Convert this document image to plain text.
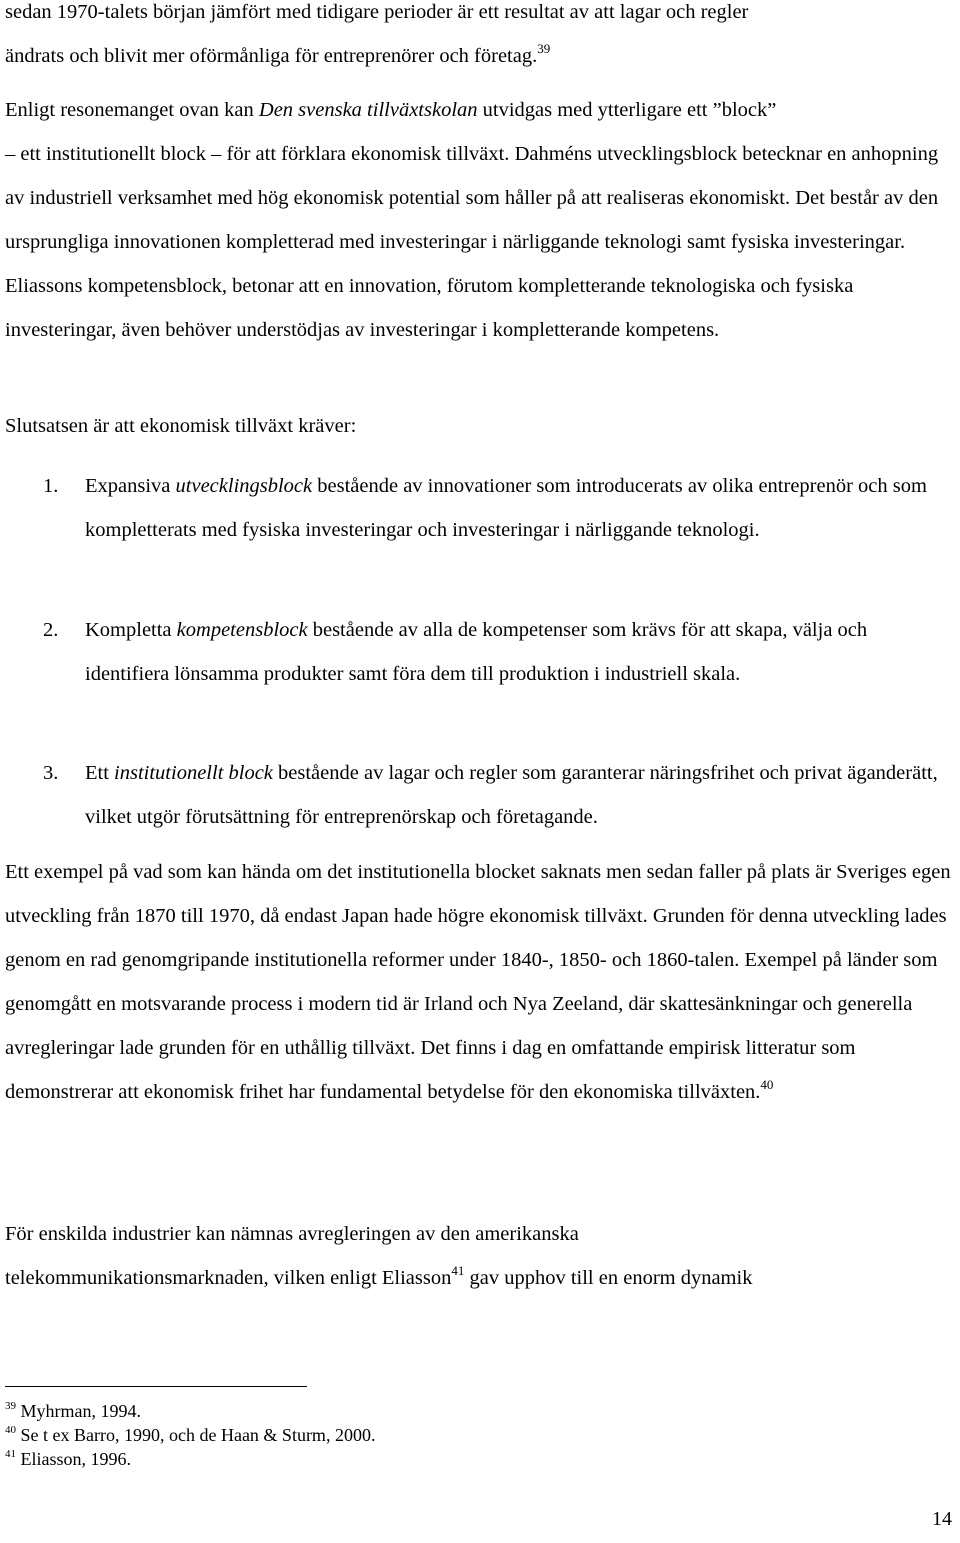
sedan 1970-talets början jämfört med tidigare perioder är ett resultat av att lagar och regler
ändrats och blivit mer oförmånliga för entreprenörer och företag.$^{39}$
Enligt resonemanget ovan kan Den svenska tillväxtskolan utvidgas med ytterligare ett ”block”
– ett institutionellt block – för att förklara ekonomisk tillväxt. Dahméns utvecklingsblock betecknar en anhopning av industriell verksamhet med hög ekonomisk potential som håller på att realiseras ekonomiskt. Det består av den ursprungliga innovationen kompletterad med investeringar i närliggande teknologi samt fysiska investeringar. Eliassons kompetensblock, betonar att en innovation, förutom kompletterande teknologiska och fysiska investeringar, även behöver understödjas av investeringar i kompletterande kompetens.
Slutsatsen är att ekonomisk tillväxt kräver:
1. Expansiva utvecklingsblock bestående av innovationer som introducerats av olika entreprenör och som kompletterats med fysiska investeringar och investeringar i närliggande teknologi.
2. Kompletta kompetensblock bestående av alla de kompetenser som krävs för att skapa, välja och identifiera lönsamma produkter samt föra dem till produktion i industriell skala.
3. Ett institutionellt block bestående av lagar och regler som garanterar näringsfrihet och privat äganderätt, vilket utgör förutsättning för entreprenörskap och företagande.
Ett exempel på vad som kan hända om det institutionella blocket saknats men sedan faller på plats är Sveriges egen utveckling från 1870 till 1970, då endast Japan hade högre ekonomisk tillväxt. Grunden för denna utveckling lades genom en rad genomgripande institutionella reformer under 1840-, 1850- och 1860-talen. Exempel på länder som genomgått en motsvarande process i modern tid är Irland och Nya Zeeland, där skattesänkningar och generella avregleringar lade grunden för en uthållig tillväxt. Det finns i dag en omfattande empirisk litteratur som demonstrerar att ekonomisk frihet har fundamental betydelse för den ekonomiska tillväxten.$^{40}$
För enskilda industrier kan nämnas avregleringen av den amerikanska
telekommunikationsmarknaden, vilken enligt Eliasson$^{41}$ gav upphov till en enorm dynamik
$^{39}$ Myhrman, 1994.
$^{40}$ Se t ex Barro, 1990, och de Haan & Sturm, 2000.
$^{41}$ Eliasson, 1996.
14
